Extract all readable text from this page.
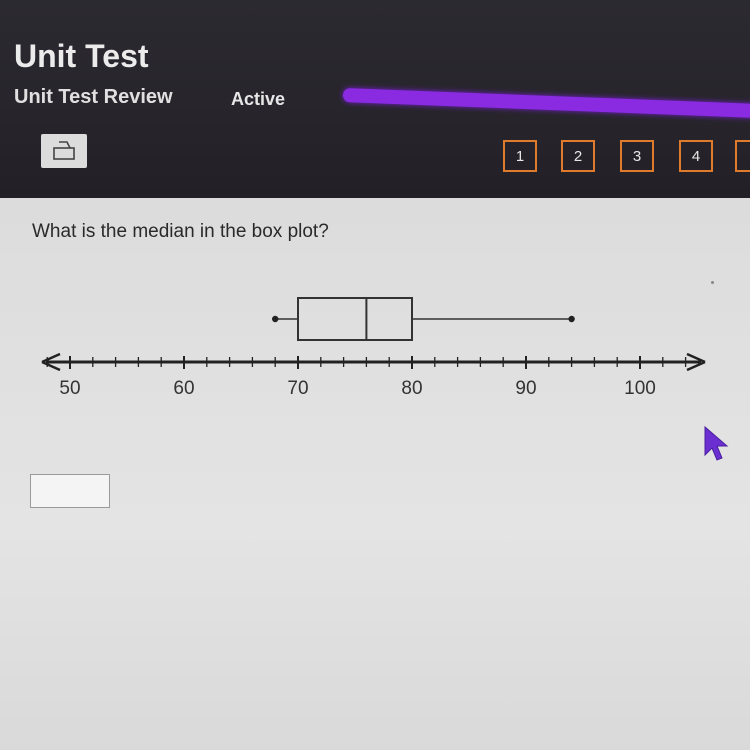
Unit Test
Unit Test Review	Active
1	2	3	4
What is the median in the box plot?
50	60	70	80	90	100
